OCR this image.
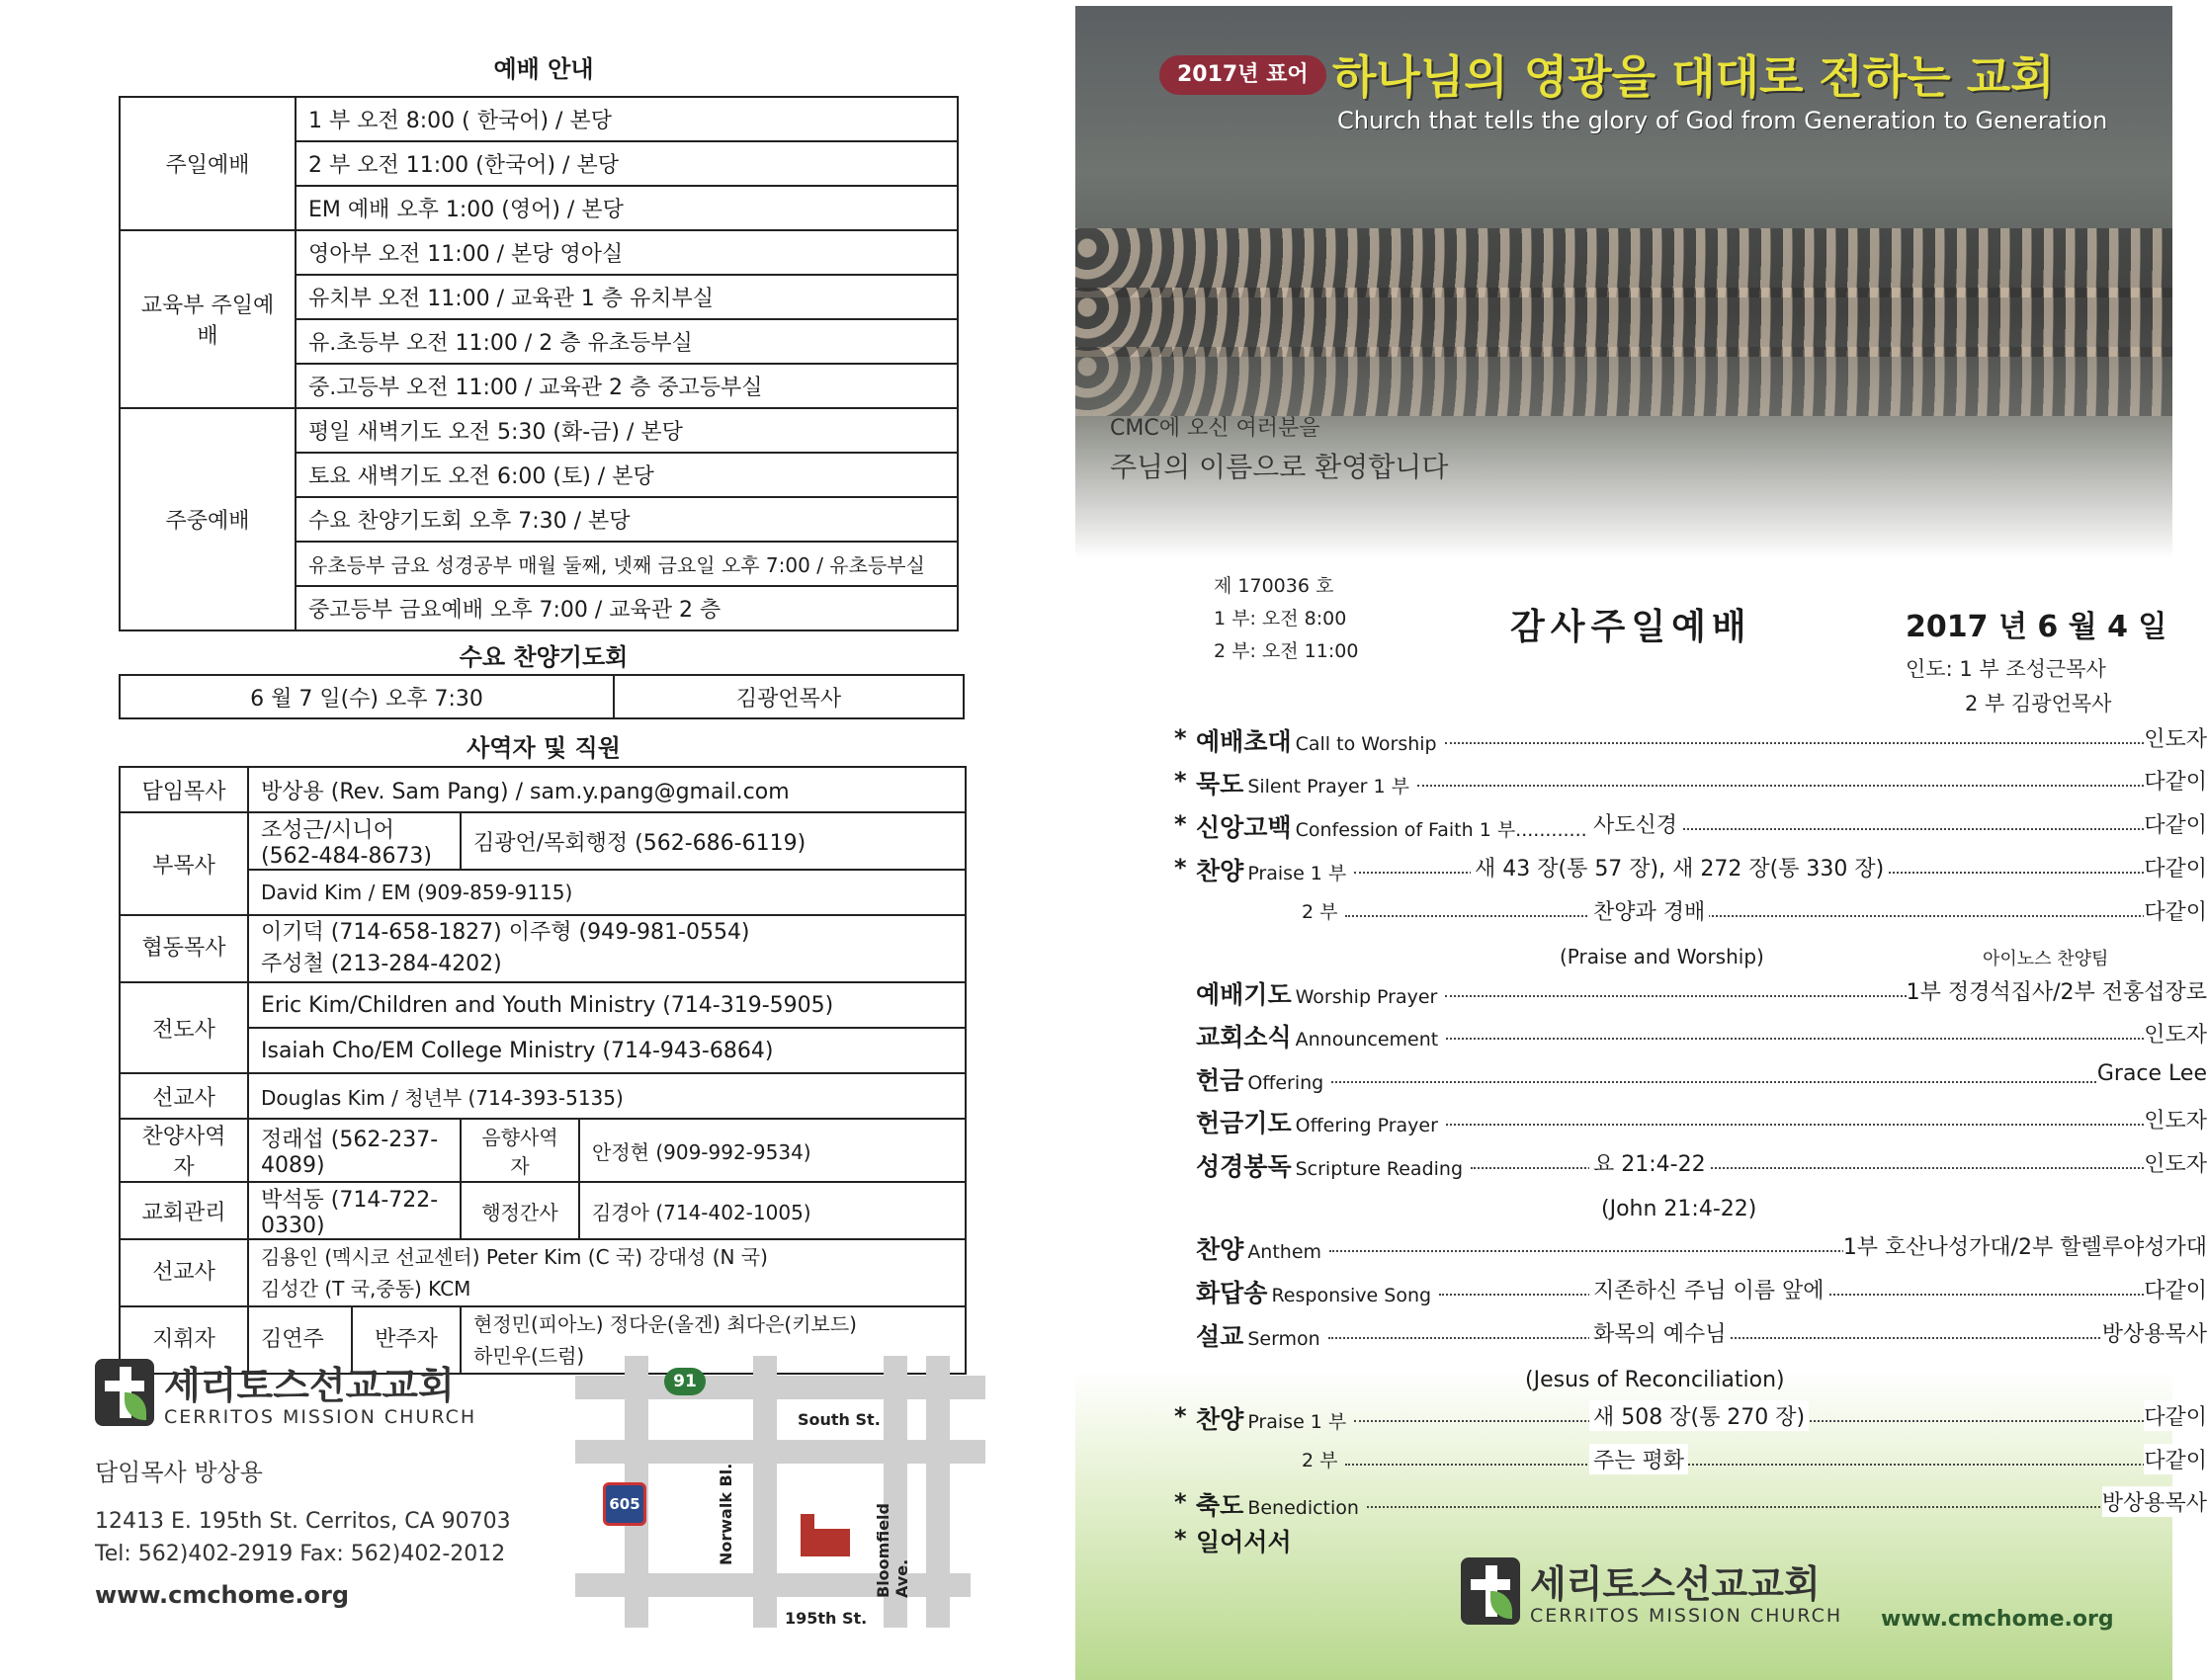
예배 안내
주일예배	1 부 오전 8:00 ( 한국어) / 본당
	2 부 오전 11:00 (한국어) / 본당
	EM 예배 오후 1:00 (영어) / 본당
교육부 주일예배	영아부 오전 11:00 / 본당 영아실
	유치부 오전 11:00 / 교육관 1 층 유치부실
	유.초등부 오전 11:00 / 2 층 유초등부실
	중.고등부 오전 11:00 / 교육관 2 층 중고등부실
주중예배	평일 새벽기도 오전 5:30 (화-금) / 본당
	토요 새벽기도 오전 6:00 (토) / 본당
	수요 찬양기도회 오후 7:30 / 본당
	유초등부 금요 성경공부 매월 둘째, 넷째 금요일 오후 7:00 / 유초등부실
	중고등부 금요예배 오후 7:00 / 교육관 2 층
수요 찬양기도회
6 월 7 일(수) 오후 7:30	김광언목사
사역자 및 직원
담임목사	방상용 (Rev. Sam Pang) / sam.y.pang@gmail.com			
부목사	조성근/시니어 (562-484-8673)		김광언/목회행정 (562-686-6119)	
	David Kim / EM (909-859-9115)			
협동목사	이기덕 (714-658-1827) 이주형 (949-981-0554)
주성철 (213-284-4202)			

전도사	Eric Kim/Children and Youth Ministry (714-319-5905)			
	Isaiah Cho/EM College Ministry (714-943-6864)			
선교사	Douglas Kim / 청년부 (714-393-5135)			
찬양사역자	정래섭 (562-237-4089)		음향사역자	안정현 (909-992-9534)
교회관리	박석동 (714-722-0330)		행정간사	김경아 (714-402-1005)
선교사	김용인 (멕시코 선교센터) Peter Kim (C 국) 강대성 (N 국)
김성간 (T 국,중동) KCM			

지휘자	김연주	반주자	현정민(피아노) 정다운(올겐) 최다은(키보드)
하민우(드럼)	
세리토스선교교회
CERRITOS MISSION CHURCH
담임목사 방상용
12413 E. 195th St. Cerritos, CA 90703
Tel: 562)402-2919 Fax: 562)402-2012
www.cmchome.org
91
605
South St.
Norwalk Bl.	Bloomfield Ave.
195th St.
2017년 표어 하나님의 영광을 대대로 전하는 교회
Church that tells the glory of God from Generation to Generation
CMC에 오신 여러분을
주님의 이름으로 환영합니다
제 170036 호
1 부: 오전 8:00
2 부: 오전 11:00
감사주일예배	2017 년 6 월 4 일
인도: 1 부 조성근목사
2 부 김광언목사
* 예배초대 Call to Worship	인도자
* 묵도 Silent Prayer 1 부	다같이
* 신앙고백 Confession of Faith 1 부............ 사도신경	다같이
* 찬양 Praise 1 부	새 43 장(통 57 장), 새 272 장(통 330 장)	다같이
2 부	찬양과 경배	다같이
예배기도 Worship Prayer	1부 정경석집사/2부 전홍섭장로
교회소식 Announcement	인도자
헌금 Offering	Grace Lee
헌금기도 Offering Prayer	인도자
성경봉독 Scripture Reading	요 21:4-22	인도자
찬양 Anthem	1부 호산나성가대/2부 할렐루야성가대
화답송 Responsive Song	지존하신 주님 이름 앞에	다같이
설교 Sermon	화목의 예수님	방상용목사
* 찬양 Praise 1 부	새 508 장(통 270 장)	다같이
2 부	주는 평화	다같이
* 축도 Benediction	방상용목사
* 일어서서
(Praise and Worship)	아이노스 찬양팀
(John 21:4-22)
(Jesus of Reconciliation)
세리토스선교교회
CERRITOS MISSION CHURCH www.cmchome.org
